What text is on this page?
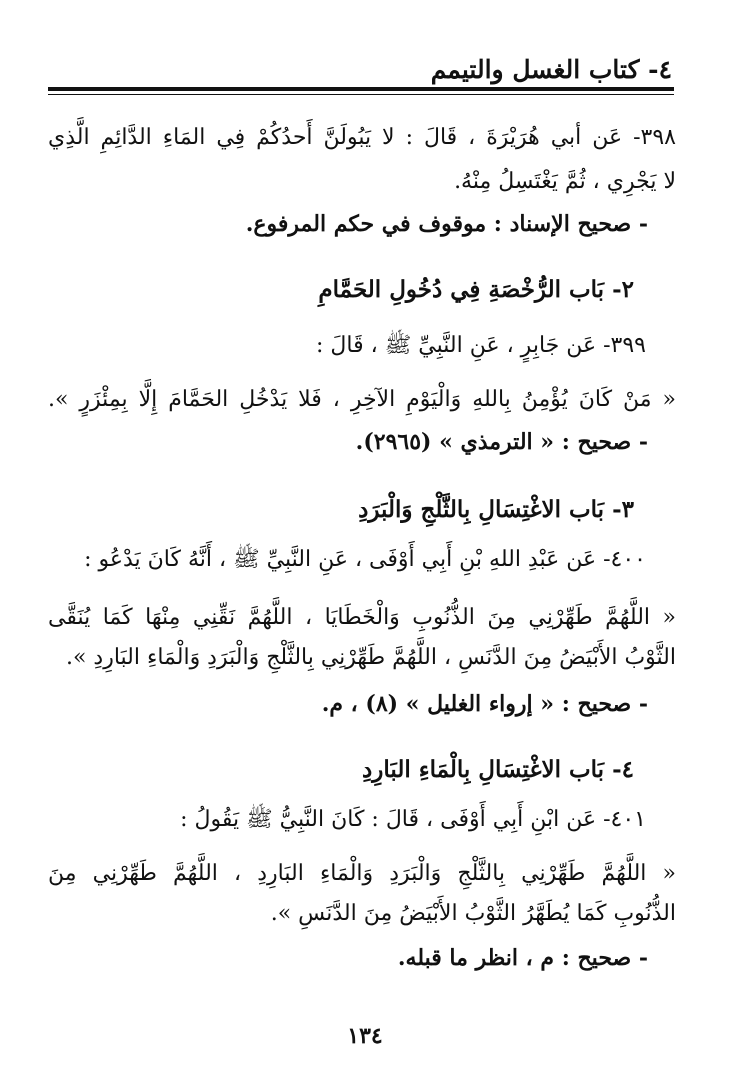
٤- كتاب الغسل والتيمم
٣٩٨- عَن أبي هُرَيْرَةَ ، قَالَ : لا يَبُولَنَّ أَحدُكُمْ فِي المَاءِ الدَّائِمِ الَّذِي
لا يَجْرِي ، ثُمَّ يَغْتَسِلُ مِنْهُ.
- صحيح الإسناد : موقوف في حكم المرفوع.
٢- بَاب الرُّخْصَةِ فِي دُخُولِ الحَمَّامِ
٣٩٩- عَن جَابِرٍ ، عَنِ النَّبِيِّ ﷺ ، قَالَ :
« مَنْ كَانَ يُؤْمِنُ بِاللهِ وَالْيَوْمِ الآخِرِ ، فَلا يَدْخُلِ الحَمَّامَ إِلَّا بِمِئْزَرٍ ».
- صحيح : « الترمذي » (٢٩٦٥).
٣- بَاب الاغْتِسَالِ بِالثَّلْجِ وَالْبَرَدِ
٤٠٠- عَن عَبْدِ اللهِ بْنِ أَبِي أَوْفَى ، عَنِ النَّبِيِّ ﷺ ، أَنَّهُ كَانَ يَدْعُو :
« اللَّهُمَّ طَهِّرْنِي مِنَ الذُّنُوبِ وَالْخَطَايَا ، اللَّهُمَّ نَقِّنِي مِنْهَا كَمَا يُنَقَّى
الثَّوْبُ الأَبْيَضُ مِنَ الدَّنَسِ ، اللَّهُمَّ طَهِّرْنِي بِالثَّلْجِ وَالْبَرَدِ وَالْمَاءِ البَارِدِ ».
- صحيح : « إرواء الغليل » (٨) ، م.
٤- بَاب الاغْتِسَالِ بِالْمَاءِ البَارِدِ
٤٠١- عَن ابْنِ أَبِي أَوْفَى ، قَالَ : كَانَ النَّبِيُّ ﷺ يَقُولُ :
« اللَّهُمَّ طَهِّرْنِي بِالثَّلْجِ وَالْبَرَدِ وَالْمَاءِ البَارِدِ ، اللَّهُمَّ طَهِّرْنِي مِنَ
الذُّنُوبِ كَمَا يُطَهَّرُ الثَّوْبُ الأَبْيَضُ مِنَ الدَّنَسِ ».
- صحيح : م ، انظر ما قبله.
١٣٤
